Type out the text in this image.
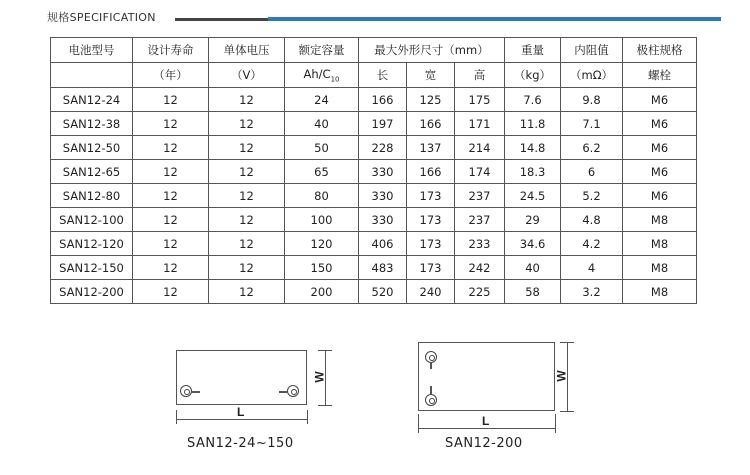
规格SPECIFICATION
电池型号	设计寿命	单体电压	额定容量	最大外形尺寸（mm）			重量	内阻值	极柱规格
	（年）	（V）	$Ah/C_{10}$	长	宽	高	（kg）	（mΩ）	螺栓
SAN12-24	12	12	24	166	125	175	7.6	9.8	M6
SAN12-38	12	12	40	197	166	171	11.8	7.1	M6
SAN12-50	12	12	50	228	137	214	14.8	6.2	M6
SAN12-65	12	12	65	330	166	174	18.3	6	M6
SAN12-80	12	12	80	330	173	237	24.5	5.2	M6
SAN12-100	12	12	100	330	173	237	29	4.8	M8
SAN12-120	12	12	120	406	173	233	34.6	4.2	M8
SAN12-150	12	12	150	483	173	242	40	4	M8
SAN12-200	12	12	200	520	240	225	58	3.2	M8
W
L
SAN12-24~150
W
L
SAN12-200
